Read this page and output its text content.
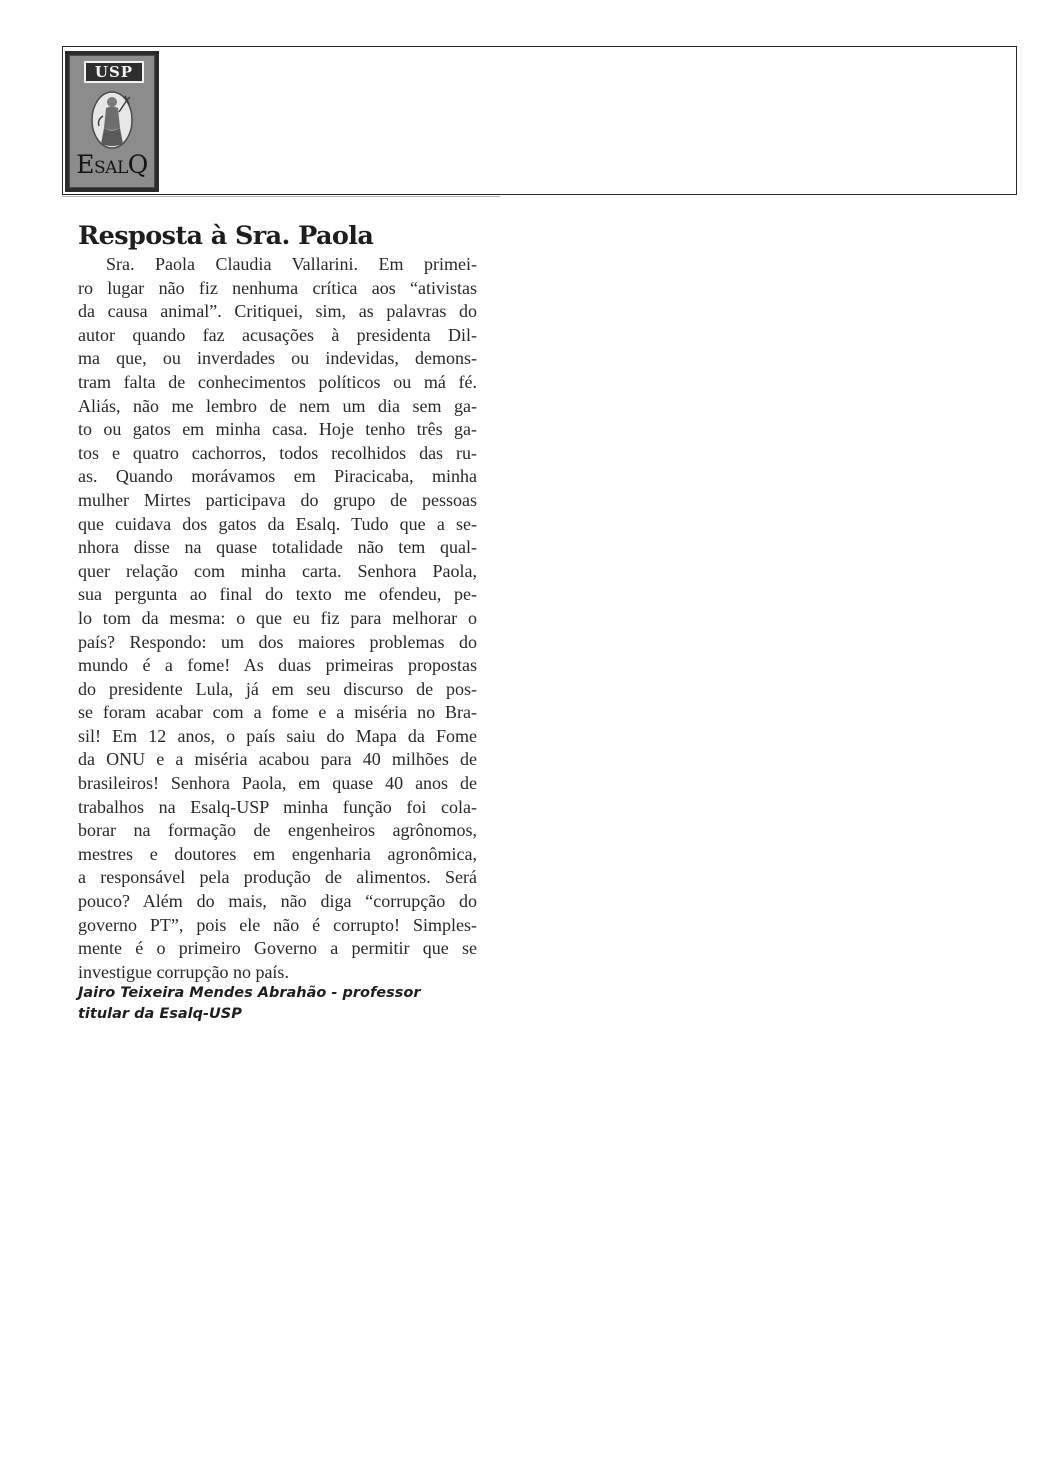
USP
ESALQ
Resposta à Sra. Paola
Sra. Paola Claudia Vallarini. Em primei-
ro lugar não fiz nenhuma crítica aos “ativistas
da causa animal”. Critiquei, sim, as palavras do
autor quando faz acusações à presidenta Dil-
ma que, ou inverdades ou indevidas, demons-
tram falta de conhecimentos políticos ou má fé.
Aliás, não me lembro de nem um dia sem ga-
to ou gatos em minha casa. Hoje tenho três ga-
tos e quatro cachorros, todos recolhidos das ru-
as. Quando morávamos em Piracicaba, minha
mulher Mirtes participava do grupo de pessoas
que cuidava dos gatos da Esalq. Tudo que a se-
nhora disse na quase totalidade não tem qual-
quer relação com minha carta. Senhora Paola,
sua pergunta ao final do texto me ofendeu, pe-
lo tom da mesma: o que eu fiz para melhorar o
país? Respondo: um dos maiores problemas do
mundo é a fome! As duas primeiras propostas
do presidente Lula, já em seu discurso de pos-
se foram acabar com a fome e a miséria no Bra-
sil! Em 12 anos, o país saiu do Mapa da Fome
da ONU e a miséria acabou para 40 milhões de
brasileiros! Senhora Paola, em quase 40 anos de
trabalhos na Esalq-USP minha função foi cola-
borar na formação de engenheiros agrônomos,
mestres e doutores em engenharia agronômica,
a responsável pela produção de alimentos. Será
pouco? Além do mais, não diga “corrupção do
governo PT”, pois ele não é corrupto! Simples-
mente é o primeiro Governo a permitir que se
investigue corrupção no país.
Jairo Teixeira Mendes Abrahão - professor
titular da Esalq-USP
